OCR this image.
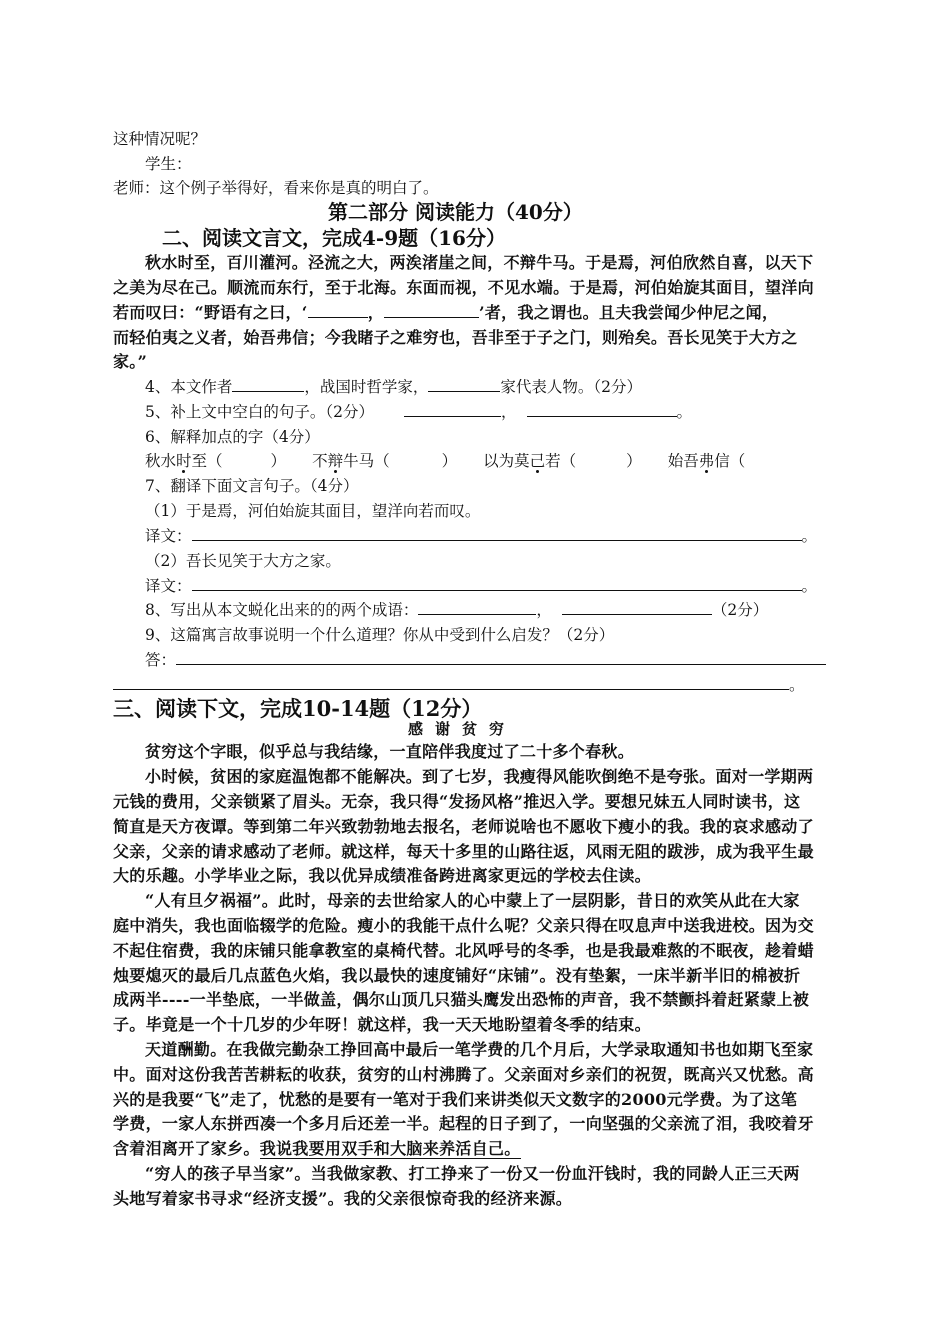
这种情况呢？
学生：
老师：这个例子举得好，看来你是真的明白了。
第二部分 阅读能力（40分）
二、阅读文言文，完成4-9题（16分）
秋水时至，百川灌河。泾流之大，两涘渚崖之间，不辩牛马。于是焉，河伯欣然自喜，以天下
之美为尽在己。顺流而东行，至于北海。东面而视，不见水端。于是焉，河伯始旋其面目，望洋向
若而叹曰：“野语有之曰，‘	，	’者，我之谓也。且夫我尝闻少仲尼之闻，
而轻伯夷之义者，始吾弗信；今我睹子之难穷也，吾非至于子之门，则殆矣。吾长见笑于大方之
家。”
4、本文作者	，战国时哲学家，	家代表人物。（2分）
5、补上文中空白的句子。（2分）	，	。
6、解释加点的字（4分）
秋水时至（	） 不辩牛马（	） 以为莫己若（	） 始吾弗信（
7、翻译下面文言句子。（4分）
（1）于是焉，河伯始旋其面目，望洋向若而叹。
译文：	。
（2）吾长见笑于大方之家。
译文：	。
8、写出从本文蜕化出来的的两个成语：	，	（2分）
9、这篇寓言故事说明一个什么道理？你从中受到什么启发？（2分）
答：
。
三、阅读下文，完成10-14题（12分）
感谢贫穷
贫穷这个字眼，似乎总与我结缘，一直陪伴我度过了二十多个春秋。
小时候，贫困的家庭温饱都不能解决。到了七岁，我瘦得风能吹倒绝不是夸张。面对一学期两
元钱的费用，父亲锁紧了眉头。无奈，我只得“发扬风格”推迟入学。要想兄妹五人同时读书，这
简直是天方夜谭。等到第二年兴致勃勃地去报名，老师说啥也不愿收下瘦小的我。我的哀求感动了
父亲，父亲的请求感动了老师。就这样，每天十多里的山路往返，风雨无阻的跋涉，成为我平生最
大的乐趣。小学毕业之际，我以优异成绩准备跨进离家更远的学校去住读。
“人有旦夕祸福”。此时，母亲的去世给家人的心中蒙上了一层阴影，昔日的欢笑从此在大家
庭中消失，我也面临辍学的危险。瘦小的我能干点什么呢？父亲只得在叹息声中送我进校。因为交
不起住宿费，我的床铺只能拿教室的桌椅代替。北风呼号的冬季，也是我最难熬的不眠夜，趁着蜡
烛要熄灭的最后几点蓝色火焰，我以最快的速度铺好“床铺”。没有垫絮，一床半新半旧的棉被折
成两半----一半垫底，一半做盖，偶尔山顶几只猫头鹰发出恐怖的声音，我不禁颤抖着赶紧蒙上被
子。毕竟是一个十几岁的少年呀！就这样，我一天天地盼望着冬季的结束。
天道酬勤。在我做完勤杂工挣回高中最后一笔学费的几个月后，大学录取通知书也如期飞至家
中。面对这份我苦苦耕耘的收获，贫穷的山村沸腾了。父亲面对乡亲们的祝贺，既高兴又忧愁。高
兴的是我要“飞”走了，忧愁的是要有一笔对于我们来讲类似天文数字的2000元学费。为了这笔
学费，一家人东拼西凑一个多月后还差一半。起程的日子到了，一向坚强的父亲流了泪，我咬着牙
含着泪离开了家乡。我说我要用双手和大脑来养活自己。
“穷人的孩子早当家”。当我做家教、打工挣来了一份又一份血汗钱时，我的同龄人正三天两
头地写着家书寻求“经济支援”。我的父亲很惊奇我的经济来源。
